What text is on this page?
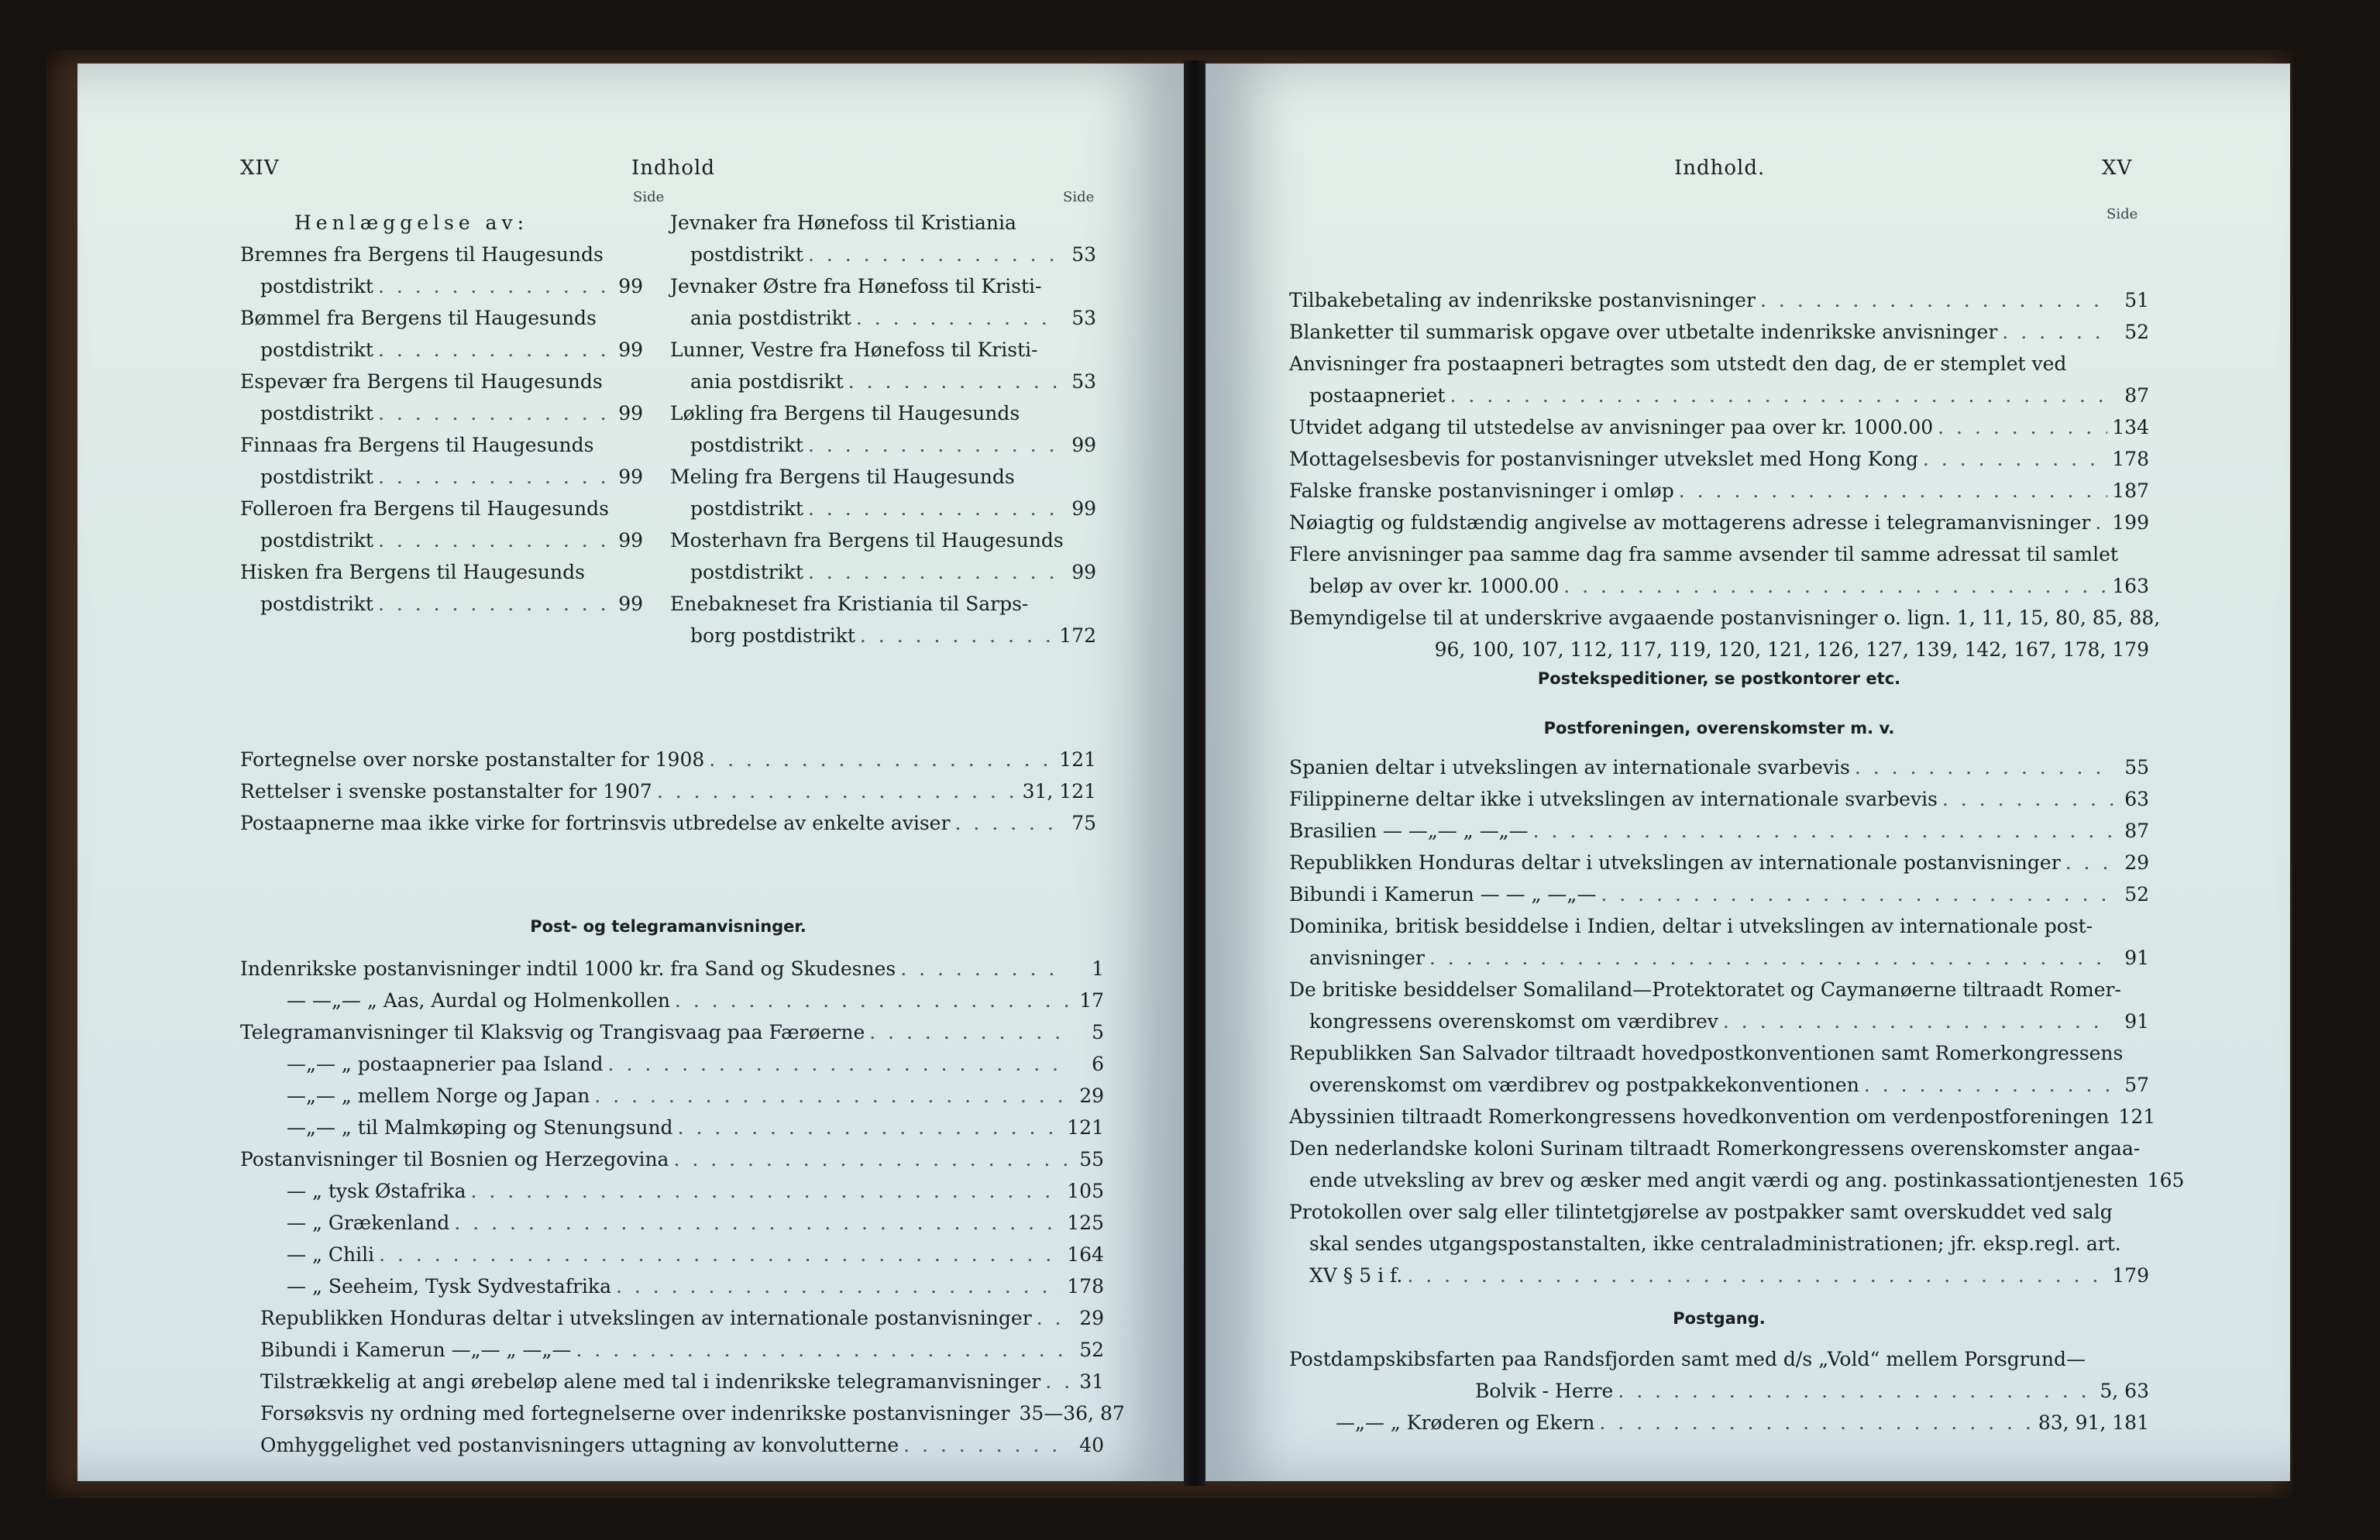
XIV	Indhold
Side	Side
Henlæggelse av:
Bremnes fra Bergens til Haugesunds
postdistrikt . . .	99
Bømmel fra Bergens til Haugesunds
postdistrikt . . .	99
Espevær fra Bergens til Haugesunds
postdistrikt . . .	99
Finnaas fra Bergens til Haugesunds
postdistrikt . . .	99
Folleroen fra Bergens til Haugesunds
postdistrikt . . .	99
Hisken fra Bergens til Haugesunds
postdistrikt . . .	99
Jevnaker fra Hønefoss til Kristiania
postdistrikt . . .	53
Jevnaker Østre fra Hønefoss til Kristi-
ania postdistrikt . . .	53
Lunner, Vestre fra Hønefoss til Kristi-
ania postdisrikt . . .	53
Løkling fra Bergens til Haugesunds
postdistrikt . . .	99
Meling fra Bergens til Haugesunds
postdistrikt . . .	99
Mosterhavn fra Bergens til Haugesunds
postdistrikt . . .	99
Enebakneset fra Kristiania til Sarps-
borg postdistrikt . . .	172
Fortegnelse over norske postanstalter for 1908 . . .	121
Rettelser i svenske postanstalter for 1907 . . .	31, 121
Postaapnerne maa ikke virke for fortrinsvis utbredelse av enkelte aviser . . .	75
Post- og telegramanvisninger.
Indenrikske postanvisninger indtil 1000 kr. fra Sand og Skudesnes . . .	1
— —„— „ Aas, Aurdal og Holmenkollen . . .	17
Telegramanvisninger til Klaksvig og Trangisvaag paa Færøerne . . .	5
—„— „ postaapnerier paa Island . . .	6
—„— „ mellem Norge og Japan . . .	29
—„— „ til Malmkøping og Stenungsund . . .	121
Postanvisninger til Bosnien og Herzegovina . . .	55
— „ tysk Østafrika . . .	105
— „ Grækenland . . .	125
— „ Chili . . .	164
— „ Seeheim, Tysk Sydvestafrika . . .	178
Republikken Honduras deltar i utvekslingen av internationale postanvisninger . . .	29
Bibundi i Kamerun —„— „ —„— . . .	52
Tilstrækkelig at angi ørebeløp alene med tal i indenrikske telegramanvisninger . . .	31
Forsøksvis ny ordning med fortegnelserne over indenrikske postanvisninger 35—36, 87
Omhyggelighet ved postanvisningers uttagning av konvolutterne . . .	40
Indhold.	XV
Side
Tilbakebetaling av indenrikske postanvisninger . . .	51
Blanketter til summarisk opgave over utbetalte indenrikske anvisninger . . .	52
Anvisninger fra postaapneri betragtes som utstedt den dag, de er stemplet ved
postaapneriet . . .	87
Utvidet adgang til utstedelse av anvisninger paa over kr. 1000.00 . . .	134
Mottagelsesbevis for postanvisninger utvekslet med Hong Kong . . .	178
Falske franske postanvisninger i omløp . . .	187
Nøiagtig og fuldstændig angivelse av mottagerens adresse i telegramanvisninger . . . 199
Flere anvisninger paa samme dag fra samme avsender til samme adressat til samlet
beløp av over kr. 1000.00 . . .	163
Bemyndigelse til at underskrive avgaaende postanvisninger o. lign. 1, 11, 15, 80, 85, 88,
96, 100, 107, 112, 117, 119, 120, 121, 126, 127, 139, 142, 167, 178, 179
Postekspeditioner, se postkontorer etc.
Postforeningen, overenskomster m. v.
Spanien deltar i utvekslingen av internationale svarbevis . . .	55
Filippinerne deltar ikke i utvekslingen av internationale svarbevis . . .	63
Brasilien — —„— „ —„— . . .	87
Republikken Honduras deltar i utvekslingen av internationale postanvisninger . . .	29
Bibundi i Kamerun — — „ —„— . . .	52
Dominika, britisk besiddelse i Indien, deltar i utvekslingen av internationale post-
anvisninger . . .	91
De britiske besiddelser Somaliland—Protektoratet og Caymanøerne tiltraadt Romer-
kongressens overenskomst om værdibrev . . .	91
Republikken San Salvador tiltraadt hovedpostkonventionen samt Romerkongressens
overenskomst om værdibrev og postpakkekonventionen . . .	57
Abyssinien tiltraadt Romerkongressens hovedkonvention om verdenpostforeningen 121
Den nederlandske koloni Surinam tiltraadt Romerkongressens overenskomster angaa-
ende utveksling av brev og æsker med angit værdi og ang. postinkassationtjenesten 165
Protokollen over salg eller tilintetgjørelse av postpakker samt overskuddet ved salg
skal sendes utgangspostanstalten, ikke centraladministrationen; jfr. eksp.regl. art.
XV § 5 i f. . . .	179
Postgang.
Postdampskibsfarten paa Randsfjorden samt med d/s „Vold“ mellem Porsgrund—
Bolvik - Herre . . .	5, 63
—„— „ Krøderen og Ekern . . .	83, 91, 181
